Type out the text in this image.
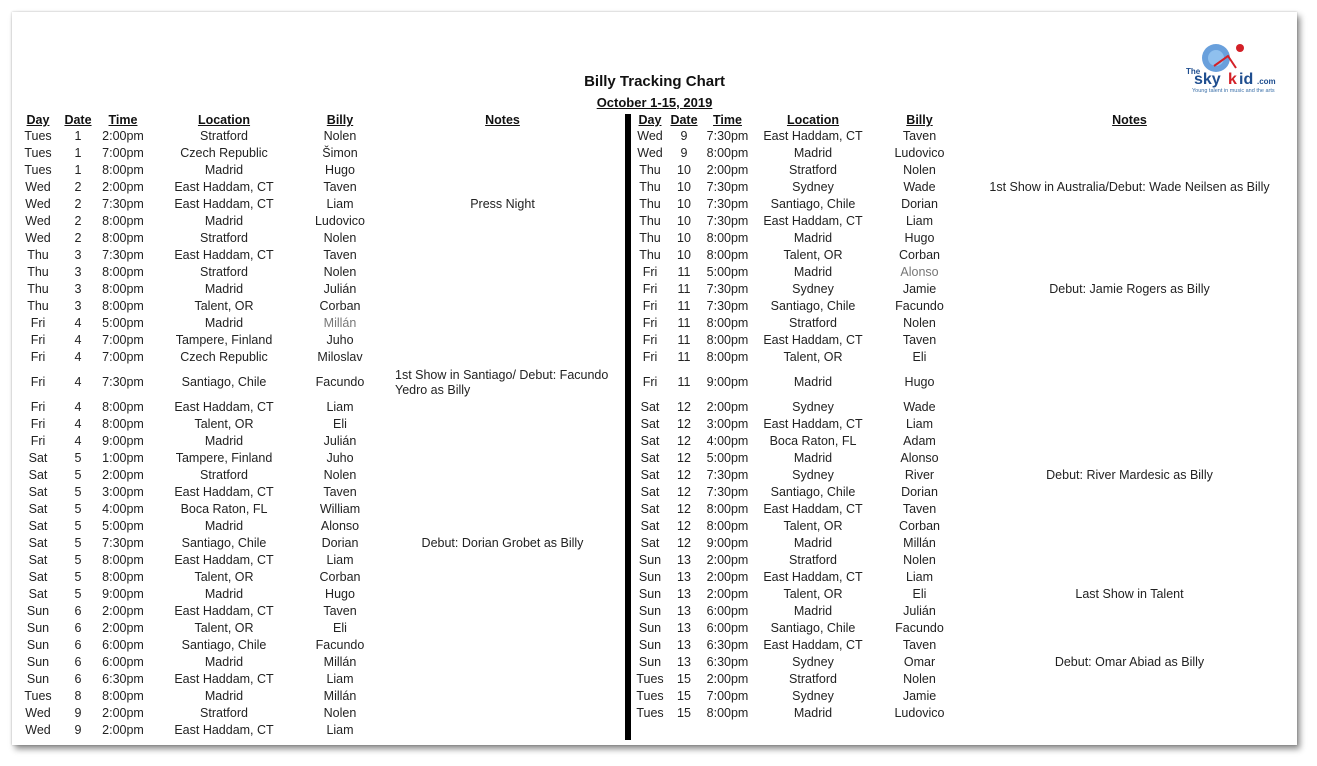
Billy Tracking Chart
October 1-15, 2019
The
sky k id .com
Young talent in music and the arts
Day	Date	Time	Location	Billy	Notes
Tues	1	2:00pm	Stratford	Nolen
Tues	1	7:00pm	Czech Republic	Šimon
Tues	1	8:00pm	Madrid	Hugo
Wed	2	2:00pm	East Haddam, CT	Taven
Wed	2	7:30pm	East Haddam, CT	Liam	Press Night
Wed	2	8:00pm	Madrid	Ludovico
Wed	2	8:00pm	Stratford	Nolen
Thu	3	7:30pm	East Haddam, CT	Taven
Thu	3	8:00pm	Stratford	Nolen
Thu	3	8:00pm	Madrid	Julián
Thu	3	8:00pm	Talent, OR	Corban
Fri	4	5:00pm	Madrid	Millán
Fri	4	7:00pm	Tampere, Finland	Juho
Fri	4	7:00pm	Czech Republic	Miloslav
Fri	4	7:30pm	Santiago, Chile	Facundo	1st Show in Santiago/ Debut: Facundo Yedro as Billy
Fri	4	8:00pm	East Haddam, CT	Liam
Fri	4	8:00pm	Talent, OR	Eli
Fri	4	9:00pm	Madrid	Julián
Sat	5	1:00pm	Tampere, Finland	Juho
Sat	5	2:00pm	Stratford	Nolen
Sat	5	3:00pm	East Haddam, CT	Taven
Sat	5	4:00pm	Boca Raton, FL	William
Sat	5	5:00pm	Madrid	Alonso
Sat	5	7:30pm	Santiago, Chile	Dorian	Debut: Dorian Grobet as Billy
Sat	5	8:00pm	East Haddam, CT	Liam
Sat	5	8:00pm	Talent, OR	Corban
Sat	5	9:00pm	Madrid	Hugo
Sun	6	2:00pm	East Haddam, CT	Taven
Sun	6	2:00pm	Talent, OR	Eli
Sun	6	6:00pm	Santiago, Chile	Facundo
Sun	6	6:00pm	Madrid	Millán
Sun	6	6:30pm	East Haddam, CT	Liam
Tues	8	8:00pm	Madrid	Millán
Wed	9	2:00pm	Stratford	Nolen
Wed	9	2:00pm	East Haddam, CT	Liam
Day Date	Time	Location	Billy	Notes
Wed	9	7:30pm	East Haddam, CT	Taven
Wed	9	8:00pm	Madrid	Ludovico
Thu	10	2:00pm	Stratford	Nolen
Thu	10	7:30pm	Sydney	Wade	1st Show in Australia/Debut: Wade Neilsen as Billy
Thu	10	7:30pm	Santiago, Chile	Dorian
Thu	10	7:30pm	East Haddam, CT	Liam
Thu	10	8:00pm	Madrid	Hugo
Thu	10	8:00pm	Talent, OR	Corban
Fri	11	5:00pm	Madrid	Alonso
Fri	11	7:30pm	Sydney	Jamie	Debut: Jamie Rogers as Billy
Fri	11	7:30pm	Santiago, Chile	Facundo
Fri	11	8:00pm	Stratford	Nolen
Fri	11	8:00pm	East Haddam, CT	Taven
Fri	11	8:00pm	Talent, OR	Eli
Fri	11	9:00pm	Madrid	Hugo
Sat	12	2:00pm	Sydney	Wade
Sat	12	3:00pm	East Haddam, CT	Liam
Sat	12	4:00pm	Boca Raton, FL	Adam
Sat	12	5:00pm	Madrid	Alonso
Sat	12	7:30pm	Sydney	River	Debut: River Mardesic as Billy
Sat	12	7:30pm	Santiago, Chile	Dorian
Sat	12	8:00pm	East Haddam, CT	Taven
Sat	12	8:00pm	Talent, OR	Corban
Sat	12	9:00pm	Madrid	Millán
Sun	13	2:00pm	Stratford	Nolen
Sun	13	2:00pm	East Haddam, CT	Liam
Sun	13	2:00pm	Talent, OR	Eli	Last Show in Talent
Sun	13	6:00pm	Madrid	Julián
Sun	13	6:00pm	Santiago, Chile	Facundo
Sun	13	6:30pm	East Haddam, CT	Taven
Sun	13	6:30pm	Sydney	Omar	Debut: Omar Abiad as Billy
Tues	15	2:00pm	Stratford	Nolen
Tues	15	7:00pm	Sydney	Jamie
Tues	15	8:00pm	Madrid	Ludovico
